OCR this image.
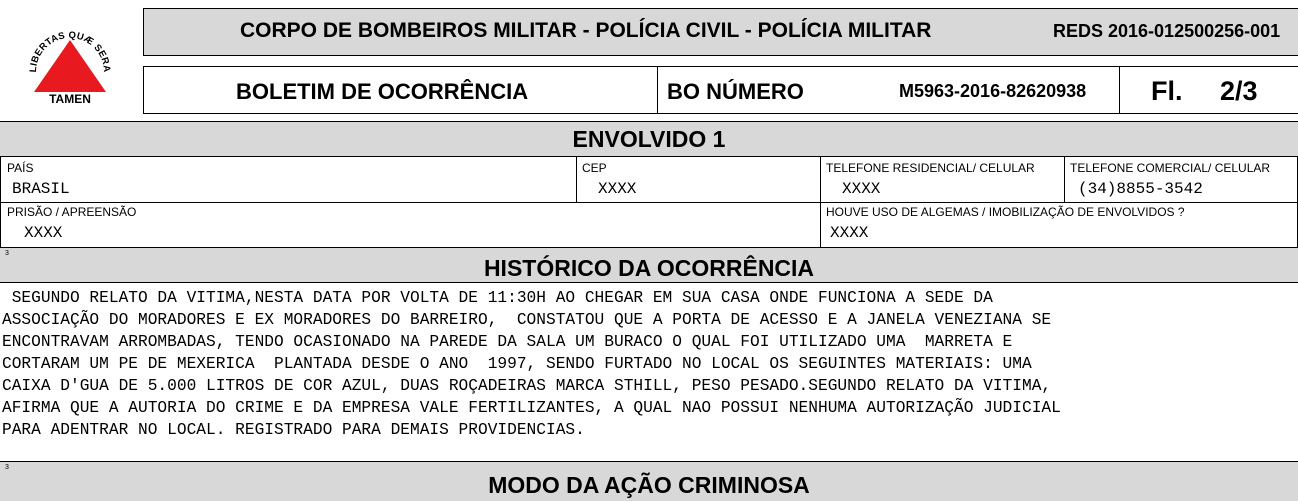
LIBERTAS QUÆ SERA
TAMEN
CORPO DE BOMBEIROS MILITAR - POLÍCIA CIVIL - POLÍCIA MILITAR	REDS 2016-012500256-001
BOLETIM DE OCORRÊNCIA	BO NÚMERO	M5963-2016-82620938 Fl. 2/3
ENVOLVIDO 1
PAÍS
BRASIL
CEP
XXXX
TELEFONE RESIDENCIAL/ CELULAR
XXXX
TELEFONE COMERCIAL/ CELULAR
(34)8855-3542
PRISÃO / APREENSÃO
XXXX
HOUVE USO DE ALGEMAS / IMOBILIZAÇÃO DE ENVOLVIDOS ?
XXXX
3
HISTÓRICO DA OCORRÊNCIA
SEGUNDO RELATO DA VITIMA,NESTA DATA POR VOLTA DE 11:30H AO CHEGAR EM SUA CASA ONDE FUNCIONA A SEDE DA
ASSOCIAÇÃO DO MORADORES E EX MORADORES DO BARREIRO,  CONSTATOU QUE A PORTA DE ACESSO E A JANELA VENEZIANA SE
ENCONTRAVAM ARROMBADAS, TENDO OCASIONADO NA PAREDE DA SALA UM BURACO O QUAL FOI UTILIZADO UMA  MARRETA E
CORTARAM UM PE DE MEXERICA  PLANTADA DESDE O ANO  1997, SENDO FURTADO NO LOCAL OS SEGUINTES MATERIAIS: UMA
CAIXA D'GUA DE 5.000 LITROS DE COR AZUL, DUAS ROÇADEIRAS MARCA STHILL, PESO PESADO.SEGUNDO RELATO DA VITIMA,
AFIRMA QUE A AUTORIA DO CRIME E DA EMPRESA VALE FERTILIZANTES, A QUAL NAO POSSUI NENHUMA AUTORIZAÇÃO JUDICIAL
PARA ADENTRAR NO LOCAL. REGISTRADO PARA DEMAIS PROVIDENCIAS.
3
MODO DA AÇÃO CRIMINOSA
